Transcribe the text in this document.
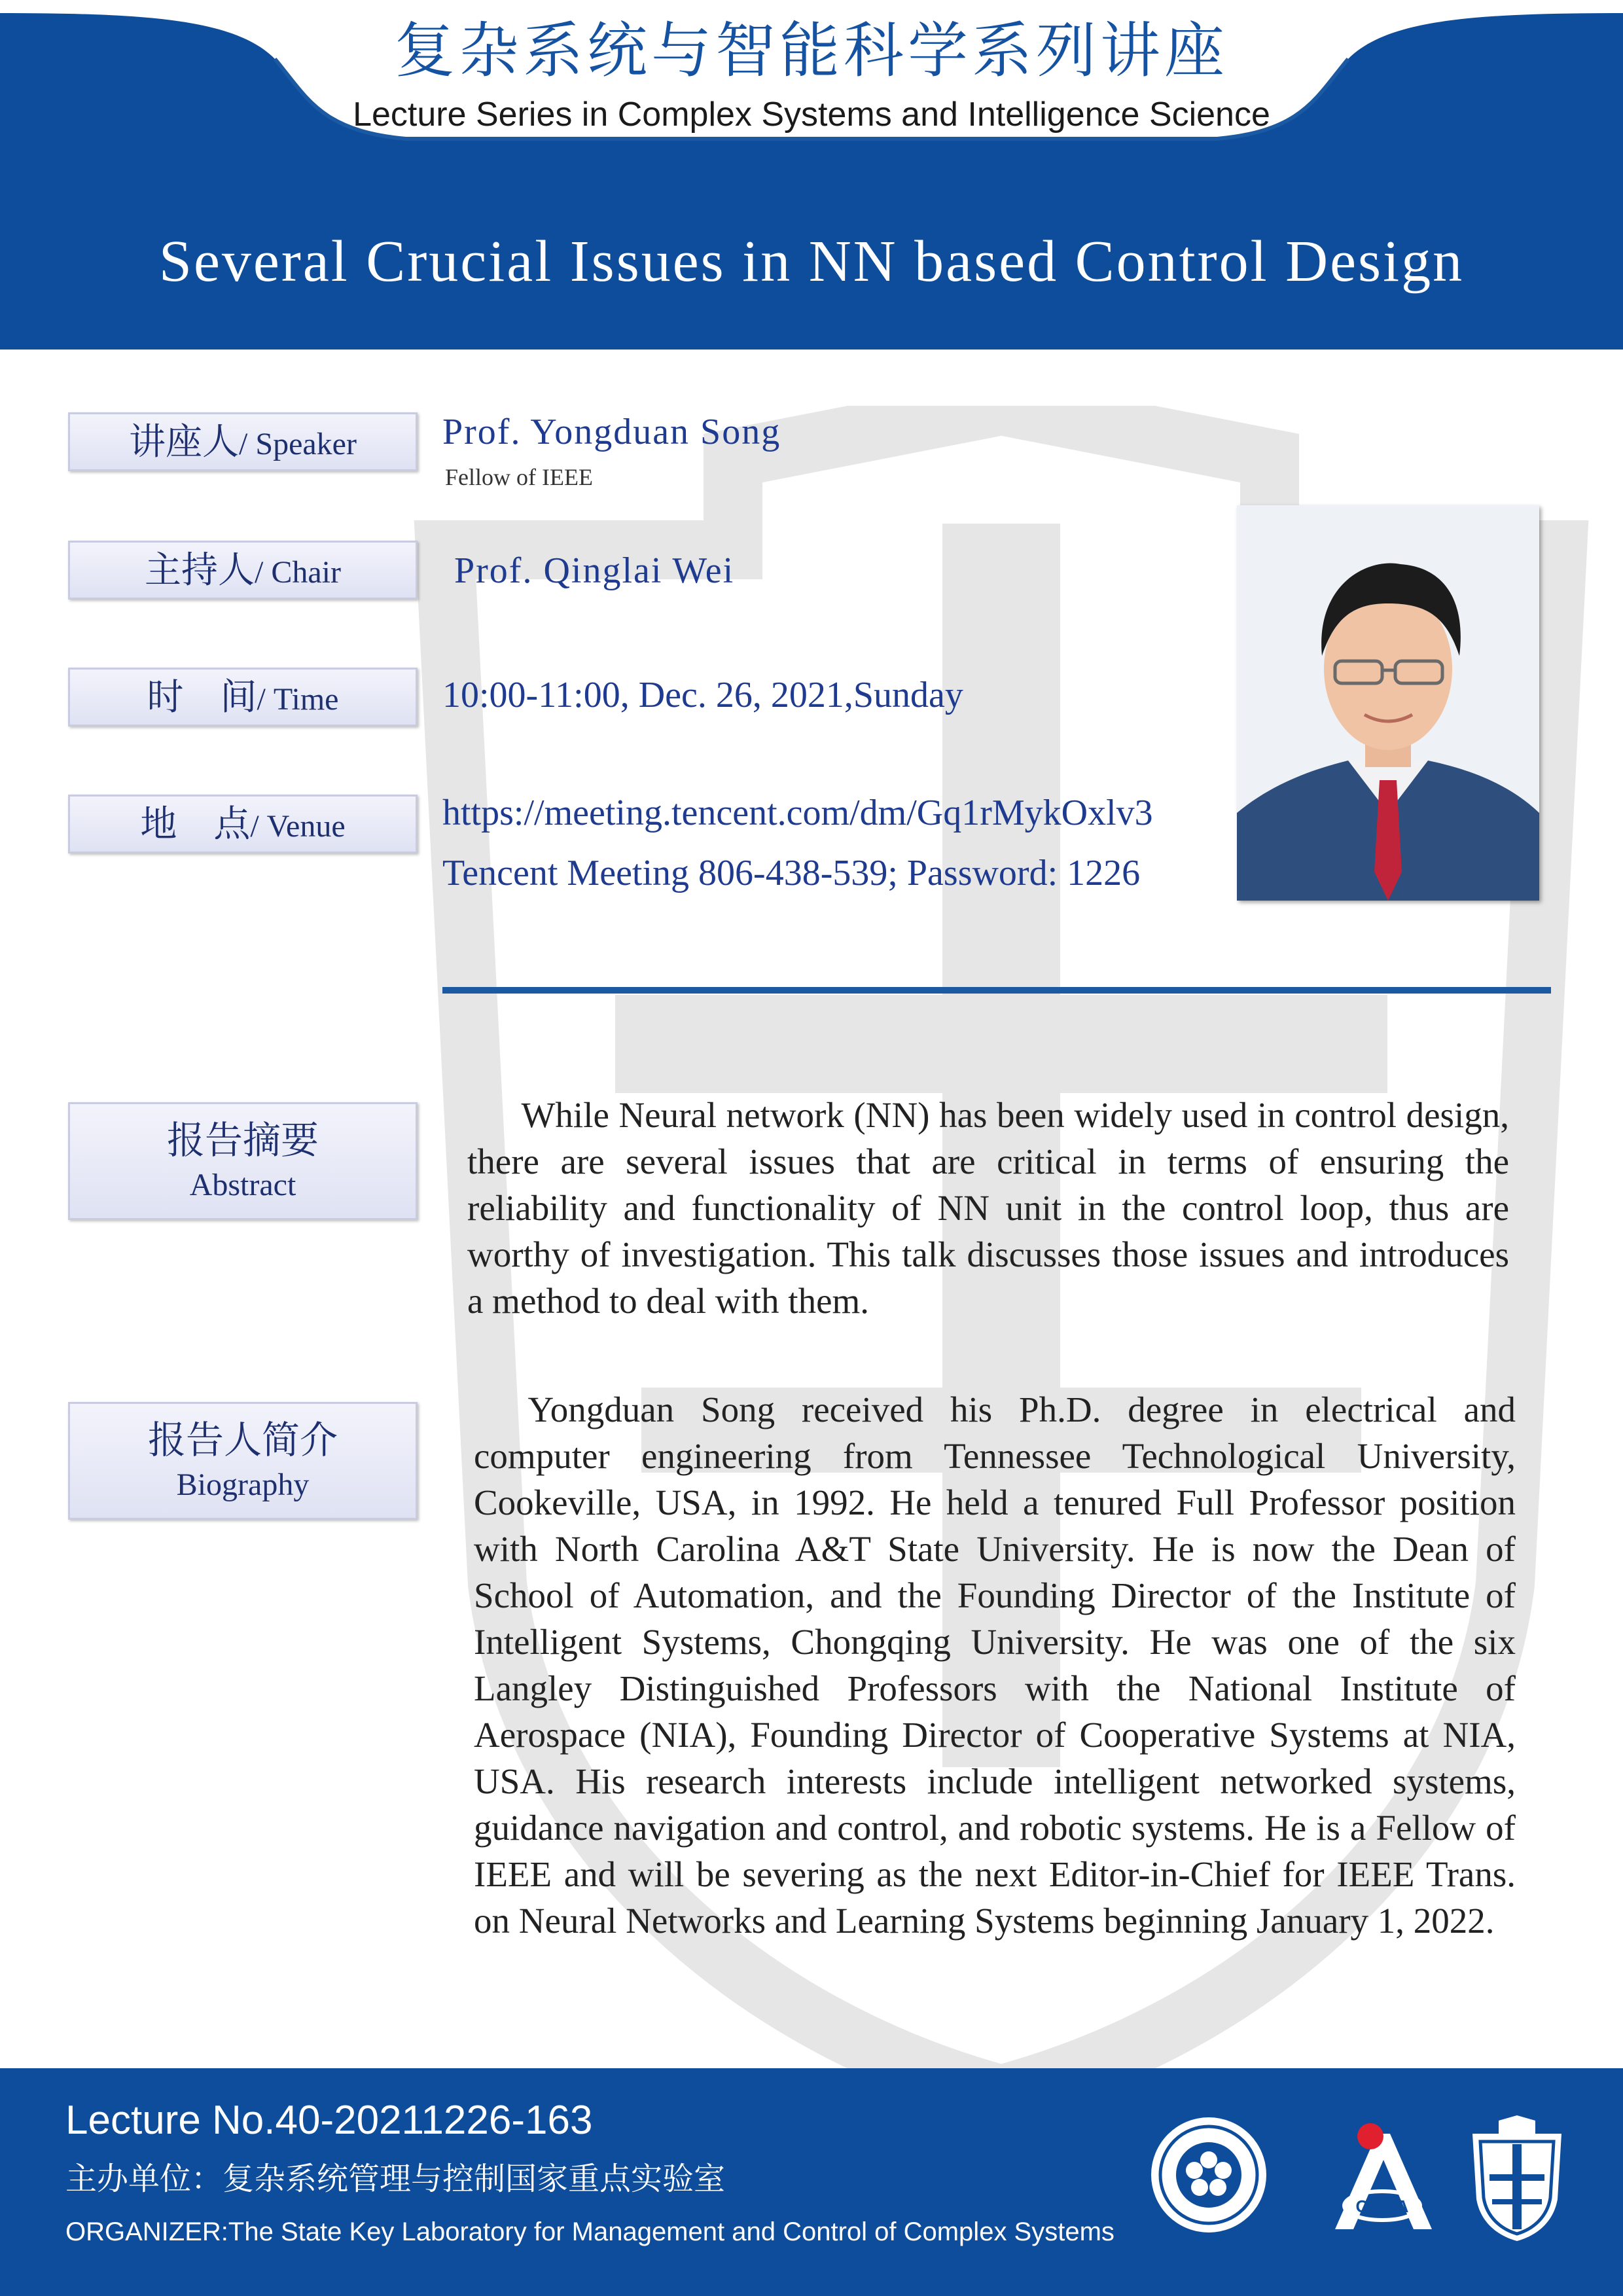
复杂系统与智能科学系列讲座
Lecture Series in Complex Systems and Intelligence Science
Several Crucial Issues in NN based Control Design
讲座人/ Speaker
主持人/ Chair
时　间/ Time
地　点/ Venue
报告摘要
Abstract
报告人简介
Biography
Prof. Yongduan Song
Fellow of IEEE
Prof. Qinglai Wei
10:00-11:00, Dec. 26, 2021,Sunday
https://meeting.tencent.com/dm/Gq1rMykOxlv3
Tencent Meeting 806-438-539; Password: 1226
While Neural network (NN) has been widely used in control design, there are several issues that are critical in terms of ensuring the reliability and functionality of NN unit in the control loop, thus are worthy of investigation. This talk discusses those issues and introduces a method to deal with them.
Yongduan Song received his Ph.D. degree in electrical and computer engineering from Tennessee Technological University, Cookeville, USA, in 1992. He held a tenured Full Professor position with North Carolina A&T State University. He is now the Dean of School of Automation, and the Founding Director of the Institute of Intelligent Systems, Chongqing University. He was one of the six Langley Distinguished Professors with the National Institute of Aerospace (NIA), Founding Director of Cooperative Systems at NIA, USA. His research interests include intelligent networked systems, guidance navigation and control, and robotic systems. He is a Fellow of IEEE and will be severing as the next Editor-in-Chief for IEEE Trans. on Neural Networks and Learning Systems beginning January 1, 2022.
Lecture No.40-20211226-163
主办单位：复杂系统管理与控制国家重点实验室
ORGANIZER:The State Key Laboratory for Management and Control of Complex Systems
CASIA
